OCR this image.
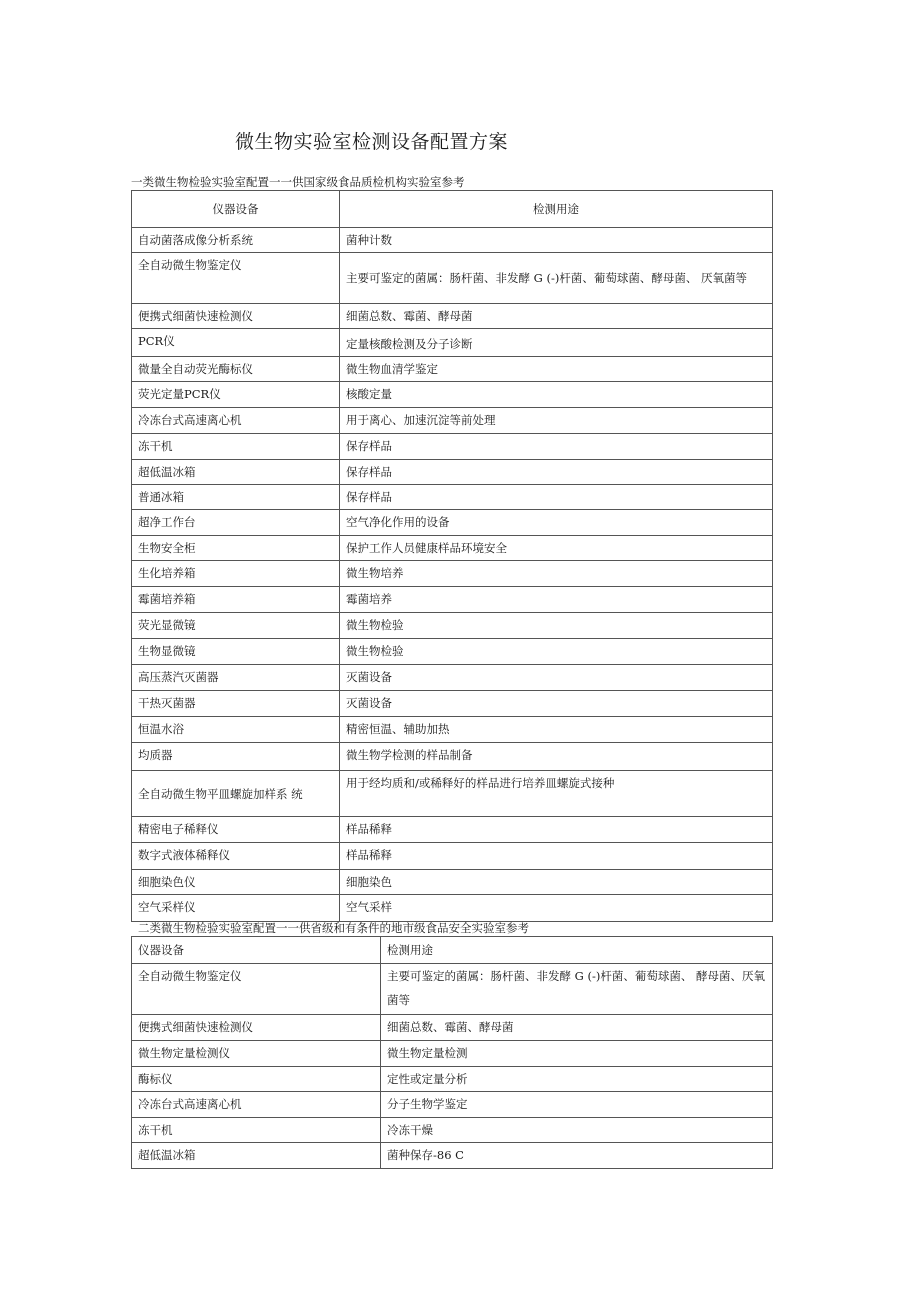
微生物实验室检测设备配置方案
一类微生物检验实验室配置一一供国家级食品质检机构实验室参考
仪器设备	检测用途
自动菌落成像分析系统	菌种计数
全自动微生物鉴定仪	主要可鉴定的菌属：肠杆菌、非发酵 G (-)杆菌、葡萄球菌、酵母菌、 厌氧菌等
便携式细菌快速检测仪	细菌总数、霉菌、酵母菌
PCR仪	定量核酸检测及分子诊断
微量全自动荧光酶标仪	微生物血清学鉴定
荧光定量PCR仪	核酸定量
冷冻台式高速离心机	用于离心、加速沉淀等前处理
冻干机	保存样品
超低温冰箱	保存样品
普通冰箱	保存样品
超净工作台	空气净化作用的设备
生物安全柜	保护工作人员健康样品环境安全
生化培养箱	微生物培养
霉菌培养箱	霉菌培养
荧光显微镜	微生物检验
生物显微镜	微生物检验
高压蒸汽灭菌器	灭菌设备
干热灭菌器	灭菌设备
恒温水浴	精密恒温、辅助加热
均质器	微生物学检测的样品制备
全自动微生物平皿螺旋加样系 统	用于经均质和/或稀释好的样品进行培养皿螺旋式接种
精密电子稀释仪	样品稀释
数字式液体稀释仪	样品稀释
细胞染色仪	细胞染色
空气采样仪	空气采样
二类微生物检验实验室配置一一供省级和有条件的地市级食品安全实验室参考
仪器设备	检测用途
全自动微生物鉴定仪	主要可鉴定的菌属：肠杆菌、非发酵 G (-)杆菌、葡萄球菌、 酵母菌、厌氧菌等
便携式细菌快速检测仪	细菌总数、霉菌、酵母菌
微生物定量检测仪	微生物定量检测
酶标仪	定性或定量分析
冷冻台式高速离心机	分子生物学鉴定
冻干机	冷冻干燥
超低温冰箱	菌种保存-86 C
